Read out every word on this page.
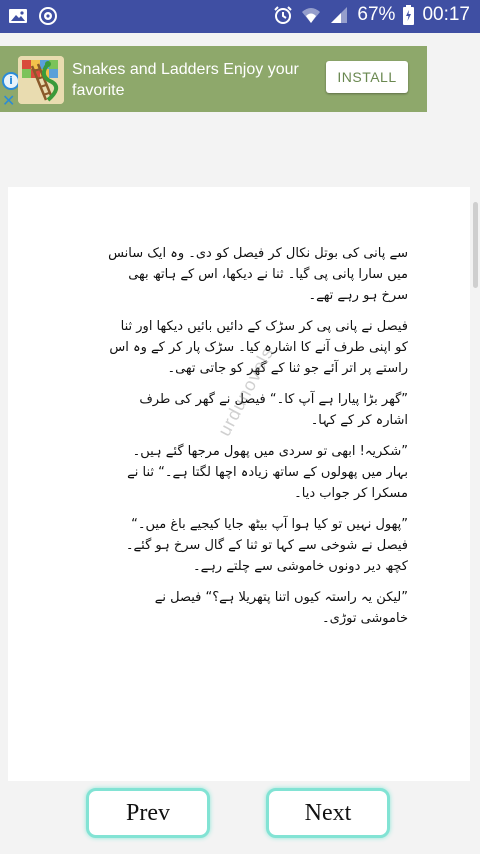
67% 00:17
i
✕
Snakes and Ladders Enjoy your favorite
INSTALL

سے پانی کی بوتل نکال کر فیصل کو دی۔ وہ ایک سانس میں سارا پانی پی گیا۔ ثنا نے دیکھا، اس کے ہاتھ بھی سرخ ہو رہے تھے۔

فیصل نے پانی پی کر سڑک کے دائیں بائیں دیکھا اور ثنا کو اپنی طرف آنے کا اشارہ کیا۔ سڑک پار کر کے وہ اس راستے پر اتر آئے جو ثنا کے گھر کو جاتی تھی۔

”گھر بڑا پیارا ہے آپ کا۔“ فیصل نے گھر کی طرف اشارہ کر کے کہا۔

”شکریہ! ابھی تو سردی میں پھول مرجھا گئے ہیں۔ بہار میں پھولوں کے ساتھ زیادہ اچھا لگتا ہے۔“ ثنا نے مسکرا کر جواب دیا۔

”پھول نہیں تو کیا ہوا آپ بیٹھ جایا کیجیے باغ میں۔“ فیصل نے شوخی سے کہا تو ثنا کے گال سرخ ہو گئے۔ کچھ دیر دونوں خاموشی سے چلتے رہے۔

”لیکن یہ راستہ کیوں اتنا پتھریلا ہے؟“ فیصل نے خاموشی توڑی۔

urdunovels
Prev	Next
